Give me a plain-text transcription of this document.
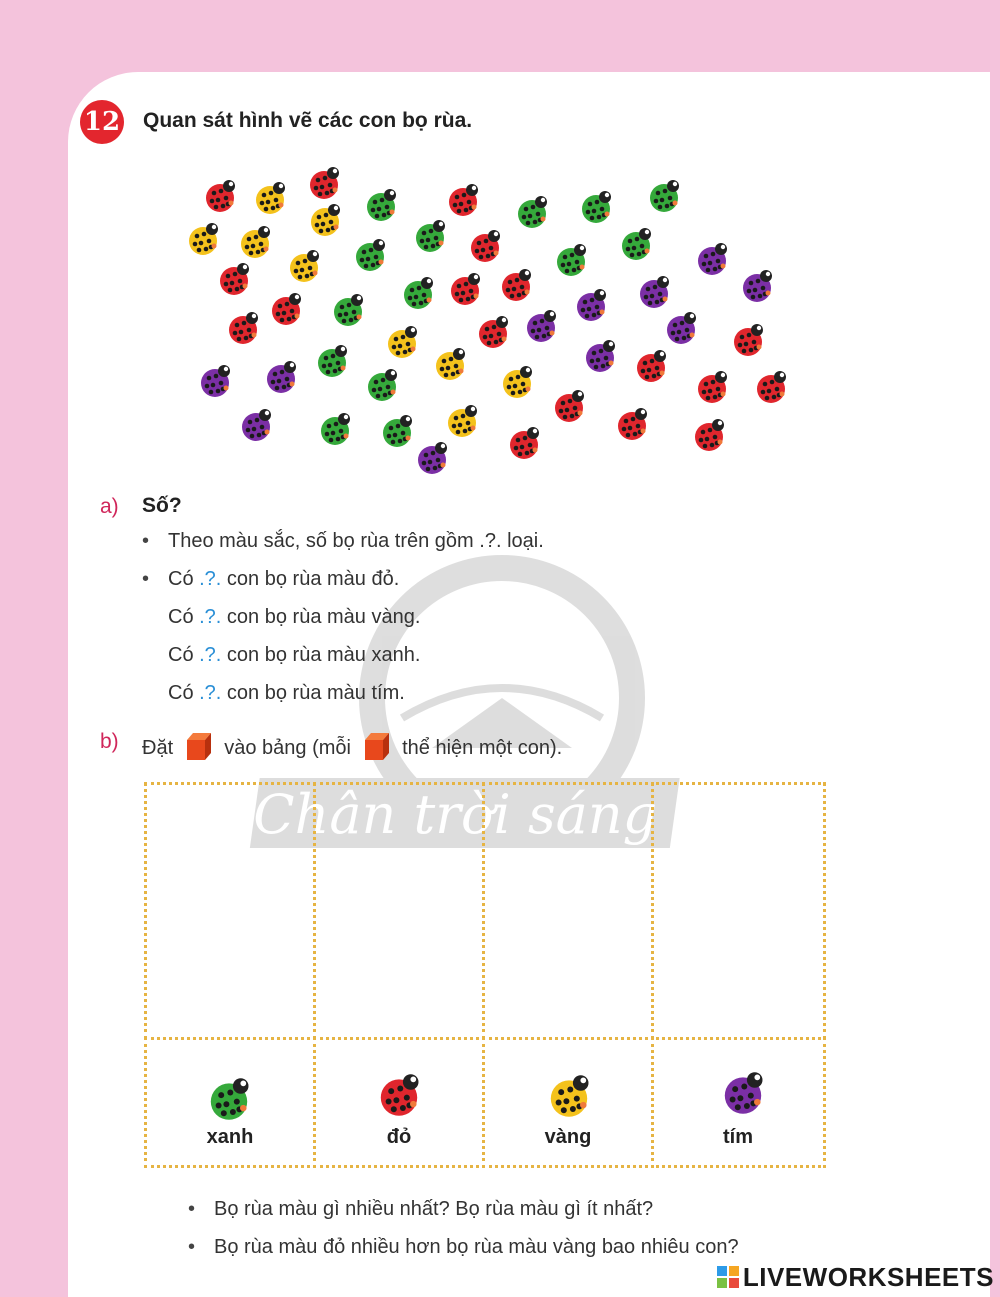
Chân trời sáng tạo
12 Quan sát hình vẽ các con bọ rùa.
a) Số?
• Theo màu sắc, số bọ rùa trên gồm .?. loại.
• Có .?. con bọ rùa màu đỏ.
Có .?. con bọ rùa màu vàng.
Có .?. con bọ rùa màu xanh.
Có .?. con bọ rùa màu tím.
b) Đặt	vào bảng (mỗi	thể hiện một con).
xanh	đỏ	vàng	tím
• Bọ rùa màu gì nhiều nhất? Bọ rùa màu gì ít nhất?
• Bọ rùa màu đỏ nhiều hơn bọ rùa màu vàng bao nhiêu con?
LIVEWORKSHEETS
